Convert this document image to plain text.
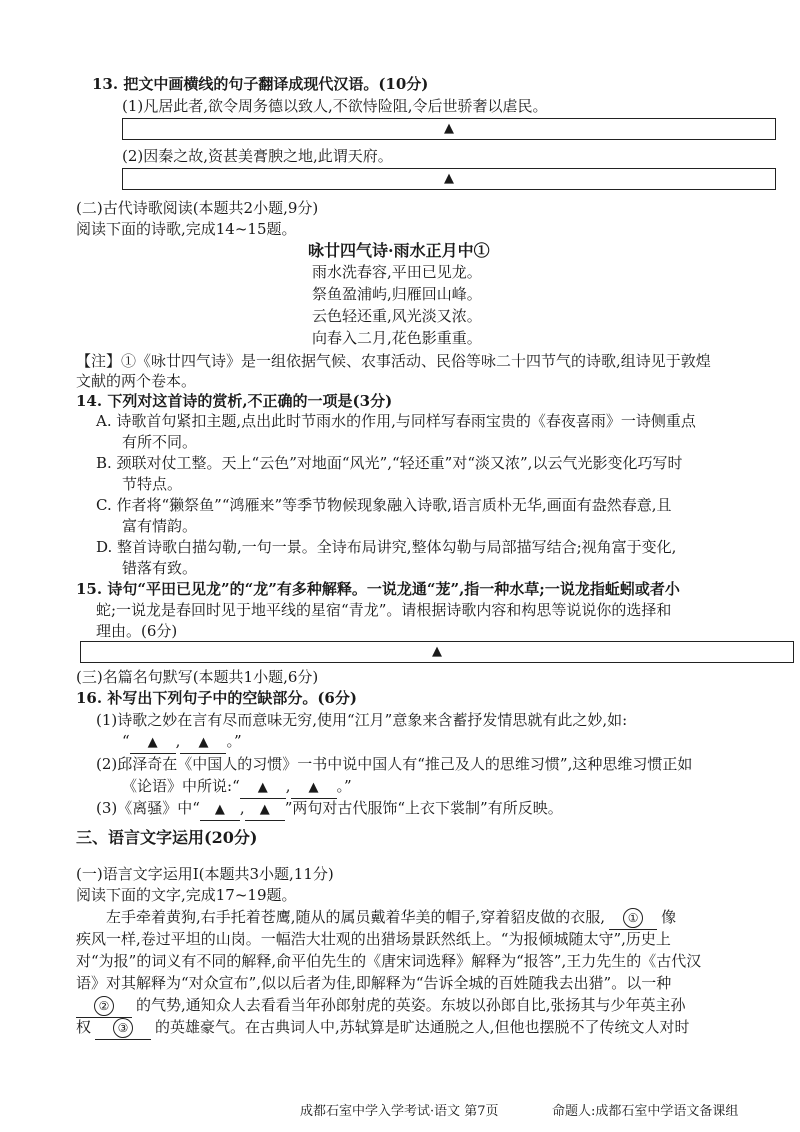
13. 把文中画横线的句子翻译成现代汉语。(10分)
(1)凡居此者,欲令周务德以致人,不欲恃险阻,令后世骄奢以虐民。
▲
(2)因秦之故,资甚美膏腴之地,此谓天府。
▲
(二)古代诗歌阅读(本题共2小题,9分)
阅读下面的诗歌,完成14~15题。
咏廿四气诗·雨水正月中①
雨水洗春容,平田已见龙。
祭鱼盈浦屿,归雁回山峰。
云色轻还重,风光淡又浓。
向春入二月,花色影重重。
【注】①《咏廿四气诗》是一组依据气候、农事活动、民俗等咏二十四节气的诗歌,组诗见于敦煌
文献的两个卷本。
14. 下列对这首诗的赏析,不正确的一项是(3分)
A. 诗歌首句紧扣主题,点出此时节雨水的作用,与同样写春雨宝贵的《春夜喜雨》一诗侧重点
有所不同。
B. 颈联对仗工整。天上“云色”对地面“风光”,“轻还重”对“淡又浓”,以云气光影变化巧写时
节特点。
C. 作者将“獭祭鱼”“鸿雁来”等季节物候现象融入诗歌,语言质朴无华,画面有盎然春意,且
富有情韵。
D. 整首诗歌白描勾勒,一句一景。全诗布局讲究,整体勾勒与局部描写结合;视角富于变化,
错落有致。
15. 诗句“平田已见龙”的“龙”有多种解释。一说龙通“茏”,指一种水草;一说龙指蚯蚓或者小
蛇;一说龙是春回时见于地平线的星宿“青龙”。请根据诗歌内容和构思等说说你的选择和
理由。(6分)
▲
(三)名篇名句默写(本题共1小题,6分)
16. 补写出下列句子中的空缺部分。(6分)
(1)诗歌之妙在言有尽而意味无穷,使用“江月”意象来含蓄抒发情思就有此之妙,如:
“ ▲ , ▲ 。”
(2)邱泽奇在《中国人的习惯》一书中说中国人有“推己及人的思维习惯”,这种思维习惯正如
《论语》中所说:“ ▲ , ▲ 。”
(3)《离骚》中“ ▲ , ▲ ”两句对古代服饰“上衣下裳制”有所反映。
三、语言文字运用(20分)
(一)语言文字运用Ⅰ(本题共3小题,11分)
阅读下面的文字,完成17~19题。
左手牵着黄狗,右手托着苍鹰,随从的属员戴着华美的帽子,穿着貂皮做的衣服, ① 像
疾风一样,卷过平坦的山岗。一幅浩大壮观的出猎场景跃然纸上。“为报倾城随太守”,历史上
对“为报”的词义有不同的解释,俞平伯先生的《唐宋词选释》解释为“报答”,王力先生的《古代汉
语》对其解释为“对众宣布”,似以后者为佳,即解释为“告诉全城的百姓随我去出猎”。以一种
② 的气势,通知众人去看看当年孙郎射虎的英姿。东坡以孙郎自比,张扬其与少年英主孙
权 ③ 的英雄豪气。在古典词人中,苏轼算是旷达通脱之人,但他也摆脱不了传统文人对时
成都石室中学入学考试·语文 第7页	命题人:成都石室中学语文备课组
